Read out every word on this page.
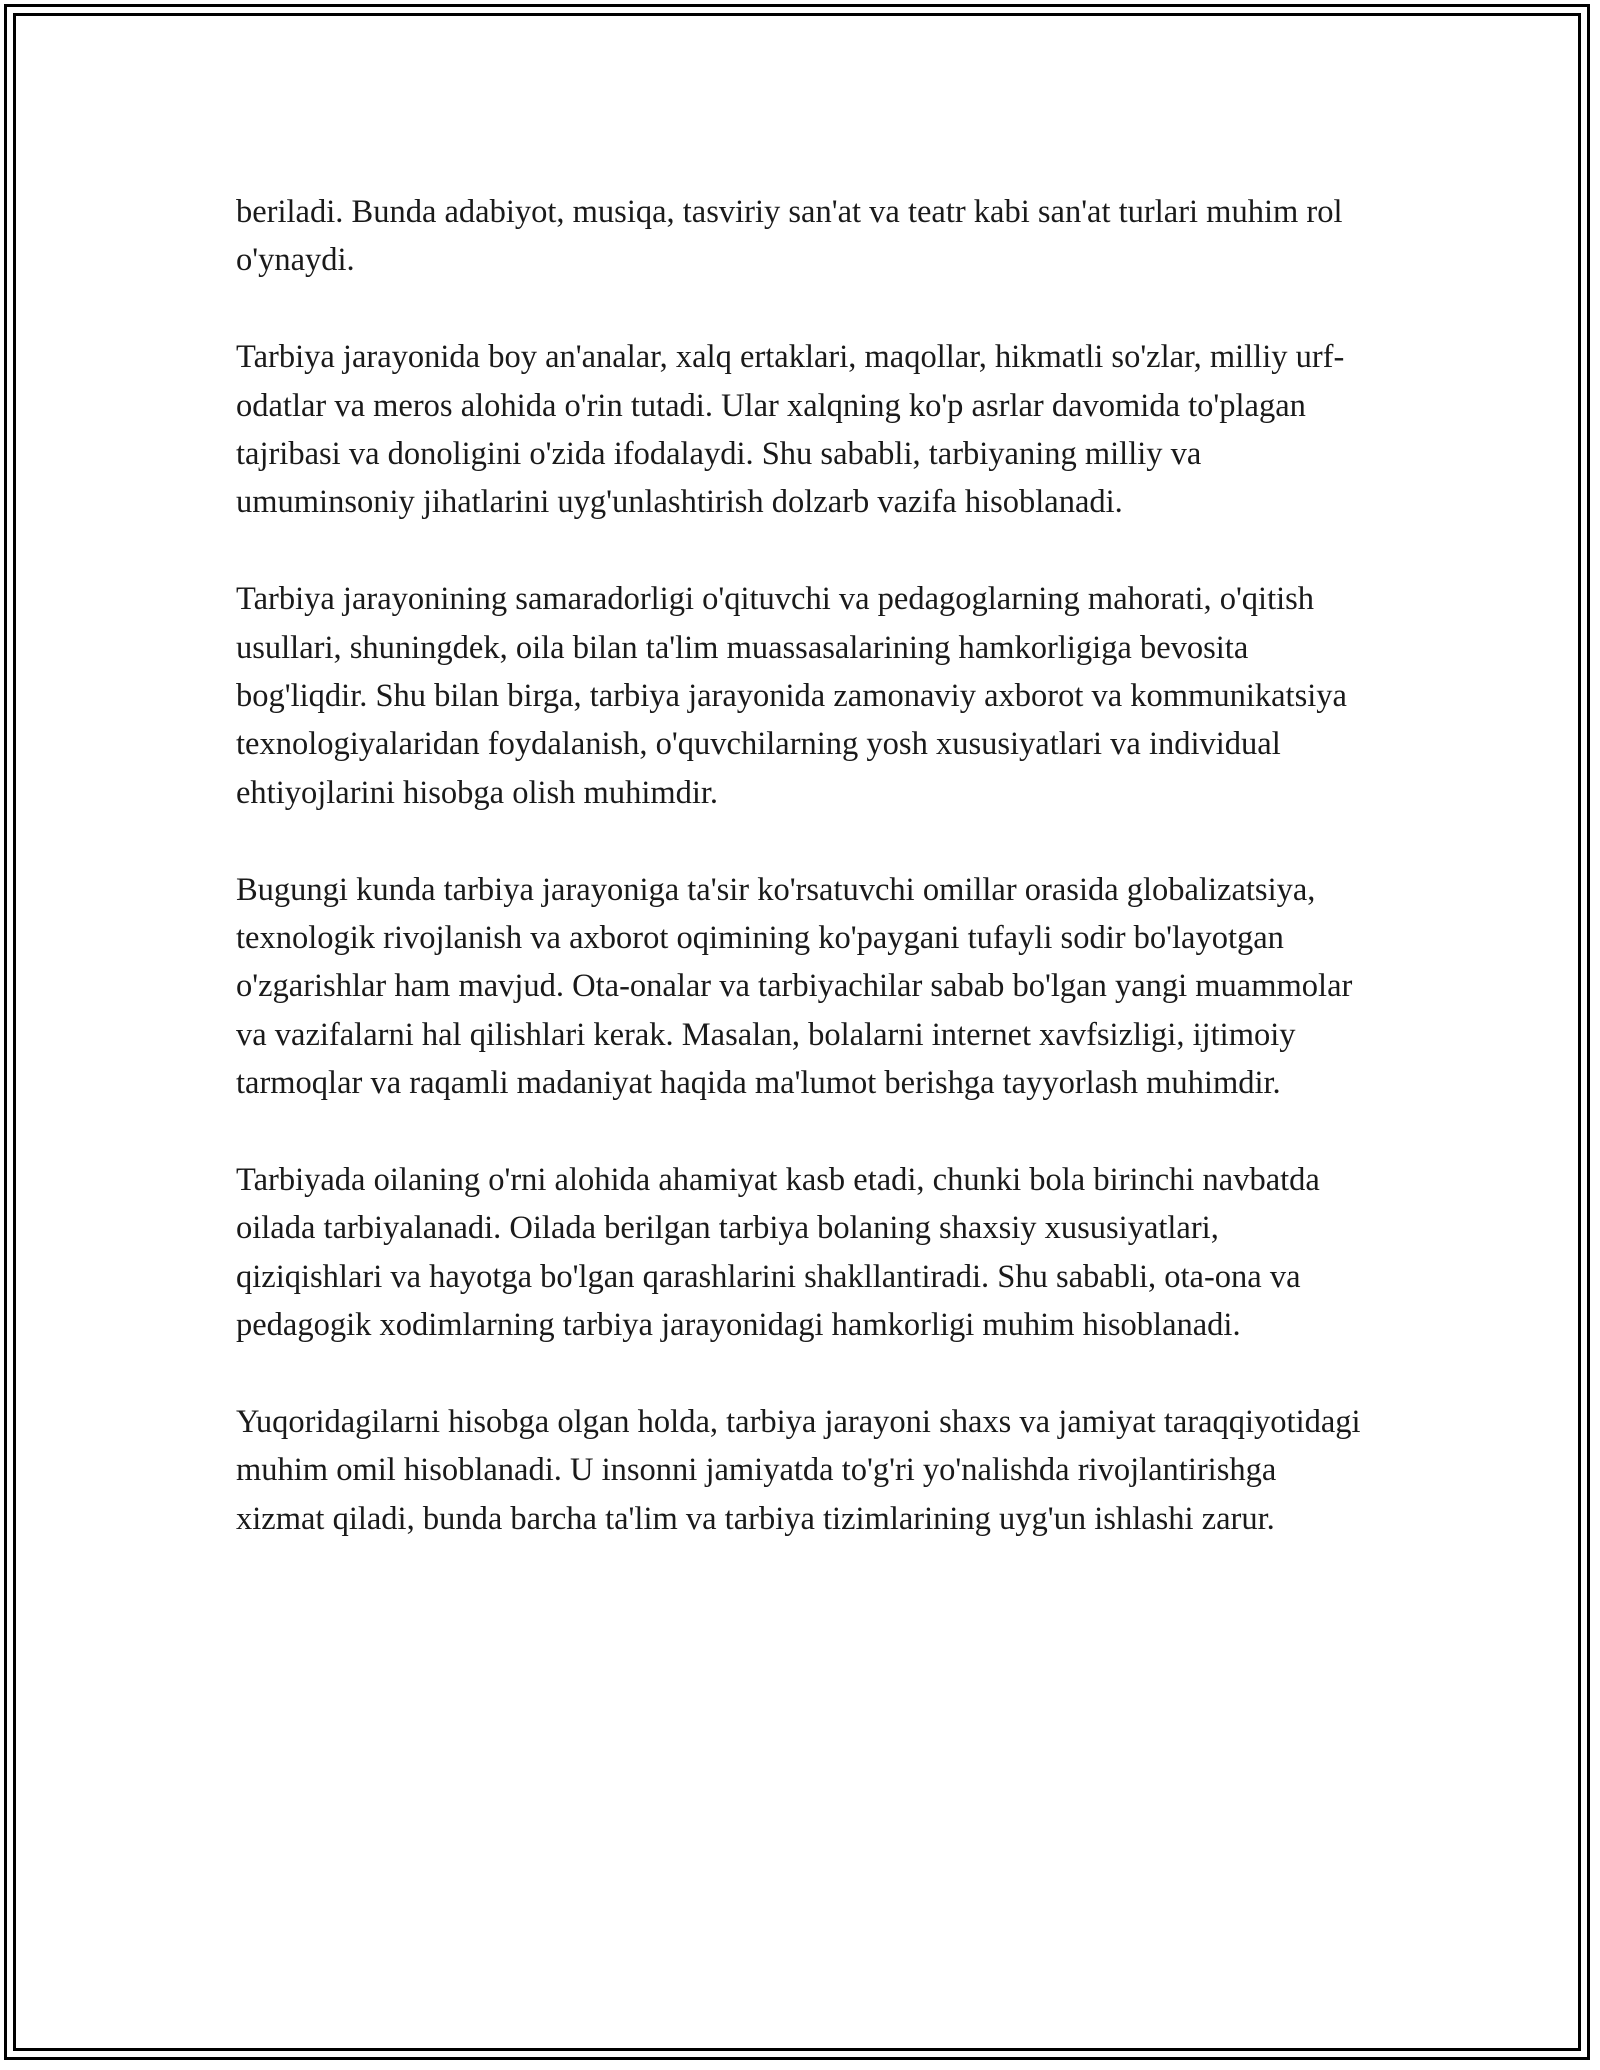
beriladi. Bunda adabiyot, musiqa, tasviriy san'at va teatr kabi san'at turlari muhim rol o'ynaydi.

Tarbiya jarayonida boy an'analar, xalq ertaklari, maqollar, hikmatli so'zlar, milliy urf-odatlar va meros alohida o'rin tutadi. Ular xalqning ko'p asrlar davomida to'plagan tajribasi va donoligini o'zida ifodalaydi. Shu sababli, tarbiyaning milliy va umuminsoniy jihatlarini uyg'unlashtirish dolzarb vazifa hisoblanadi.

Tarbiya jarayonining samaradorligi o'qituvchi va pedagoglarning mahorati, o'qitish usullari, shuningdek, oila bilan ta'lim muassasalarining hamkorligiga bevosita bog'liqdir. Shu bilan birga, tarbiya jarayonida zamonaviy axborot va kommunikatsiya texnologiyalaridan foydalanish, o'quvchilarning yosh xususiyatlari va individual ehtiyojlarini hisobga olish muhimdir.

Bugungi kunda tarbiya jarayoniga ta'sir ko'rsatuvchi omillar orasida globalizatsiya, texnologik rivojlanish va axborot oqimining ko'paygani tufayli sodir bo'layotgan o'zgarishlar ham mavjud. Ota-onalar va tarbiyachilar sabab bo'lgan yangi muammolar va vazifalarni hal qilishlari kerak. Masalan, bolalarni internet xavfsizligi, ijtimoiy tarmoqlar va raqamli madaniyat haqida ma'lumot berishga tayyorlash muhimdir.

Tarbiyada oilaning o'rni alohida ahamiyat kasb etadi, chunki bola birinchi navbatda oilada tarbiyalanadi. Oilada berilgan tarbiya bolaning shaxsiy xususiyatlari, qiziqishlari va hayotga bo'lgan qarashlarini shakllantiradi. Shu sababli, ota-ona va pedagogik xodimlarning tarbiya jarayonidagi hamkorligi muhim hisoblanadi.

Yuqoridagilarni hisobga olgan holda, tarbiya jarayoni shaxs va jamiyat taraqqiyotidagi muhim omil hisoblanadi. U insonni jamiyatda to'g'ri yo'nalishda rivojlantirishga xizmat qiladi, bunda barcha ta'lim va tarbiya tizimlarining uyg'un ishlashi zarur.
